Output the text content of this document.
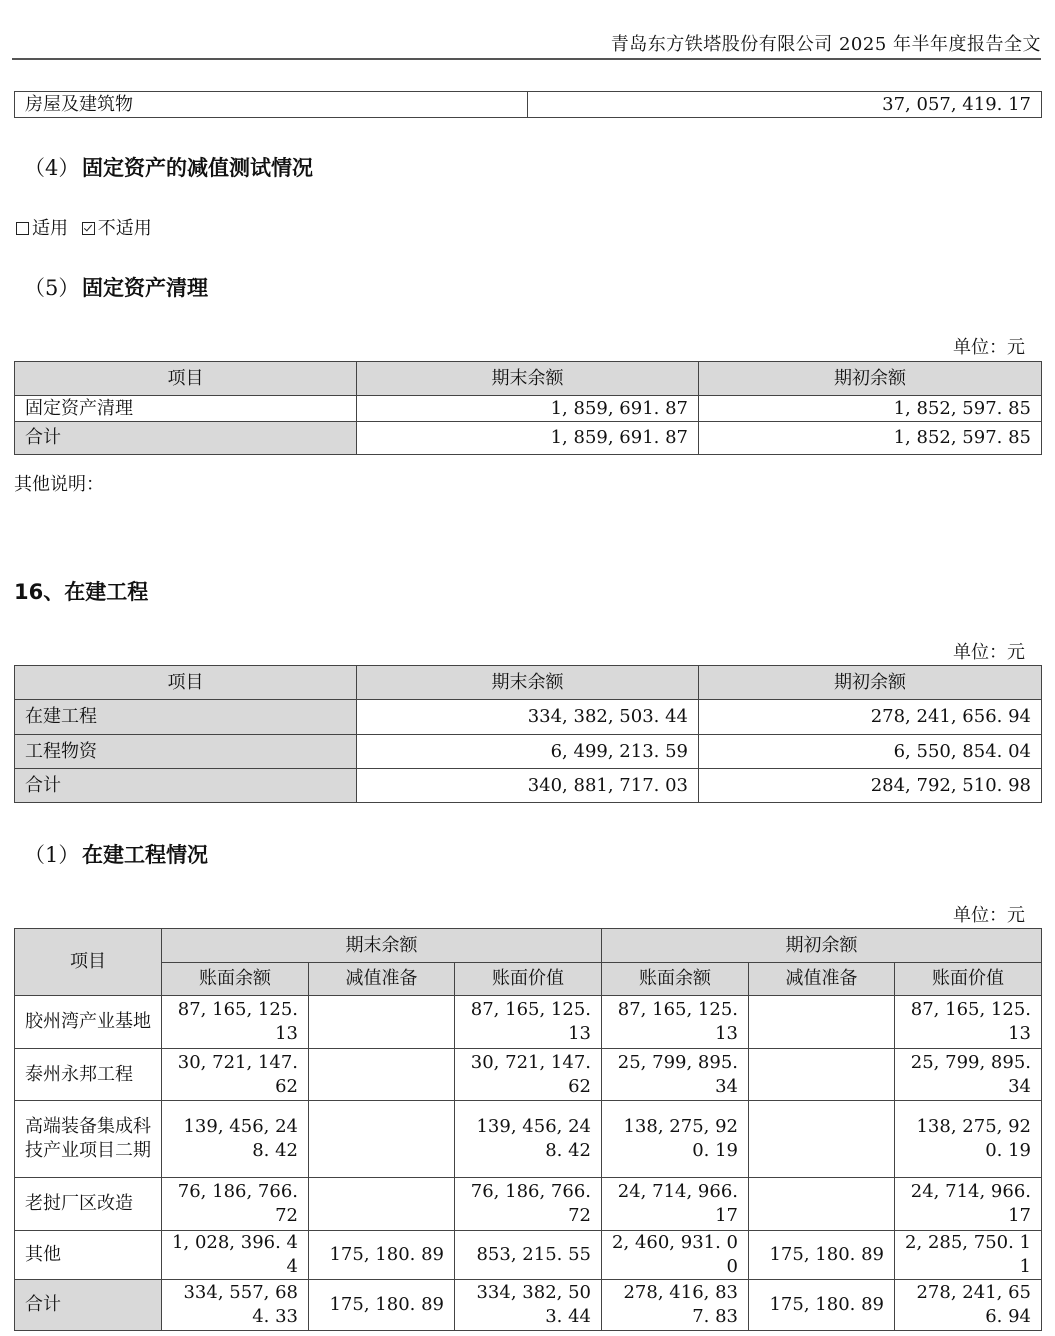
青岛东方铁塔股份有限公司 2025 年半年度报告全文
房屋及建筑物	37, 057, 419. 17
（4） 固定资产的减值测试情况
适用 不适用
（5） 固定资产清理
单位：元
项目	期末余额	期初余额
固定资产清理	1, 859, 691. 87	1, 852, 597. 85
合计	1, 859, 691. 87	1, 852, 597. 85
其他说明：
16、在建工程
单位：元
项目	期末余额	期初余额
在建工程	334, 382, 503. 44	278, 241, 656. 94
工程物资	6, 499, 213. 59	6, 550, 854. 04
合计	340, 881, 717. 03	284, 792, 510. 98
（1） 在建工程情况
单位：元
项目	期末余额			期初余额		
	账面余额	减值准备	账面价值	账面余额	减值准备	账面价值
胶州湾产业基地	87, 165, 125. 13		87, 165, 125. 13	87, 165, 125. 13		87, 165, 125. 13
泰州永邦工程	30, 721, 147. 62		30, 721, 147. 62	25, 799, 895. 34		25, 799, 895. 34
高端装备集成科技产业项目二期	139, 456, 248. 42		139, 456, 248. 42	138, 275, 920. 19		138, 275, 920. 19
老挝厂区改造	76, 186, 766. 72		76, 186, 766. 72	24, 714, 966. 17		24, 714, 966. 17
其他	1, 028, 396. 44	175, 180. 89	853, 215. 55	2, 460, 931. 00	175, 180. 89	2, 285, 750. 11
合计	334, 557, 684. 33	175, 180. 89	334, 382, 503. 44	278, 416, 837. 83	175, 180. 89	278, 241, 656. 94
